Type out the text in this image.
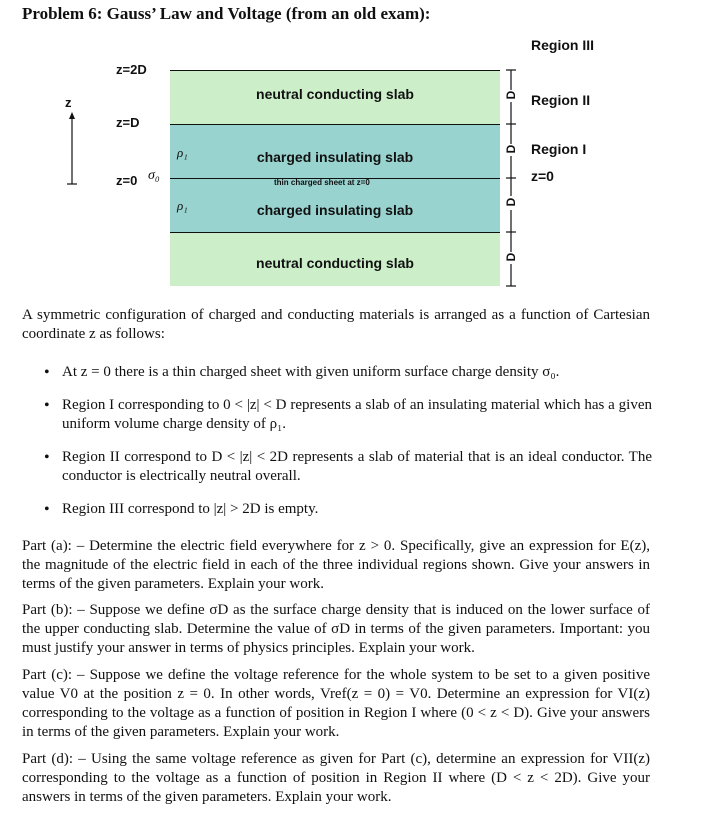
Problem 6: Gauss’ Law and Voltage (from an old exam):
z
z=2D
z=D
z=0 σ₀
neutral conducting slab
charged insulating slab
charged insulating slab
neutral conducting slab
thin charged sheet at z=0
ρ₁
ρ₁
D
D
D
D
Region III
Region II
Region I
z=0
A symmetric configuration of charged and conducting materials is arranged as a function of Cartesian coordinate z as follows:
• At z = 0 there is a thin charged sheet with given uniform surface charge density σ₀.
• Region I corresponding to 0 < |z| < D represents a slab of an insulating material which has a given uniform volume charge density of ρ₁.
• Region II correspond to D < |z| < 2D represents a slab of material that is an ideal conductor. The conductor is electrically neutral overall.
• Region III correspond to |z| > 2D is empty.
Part (a): – Determine the electric field everywhere for z > 0. Specifically, give an expression for E(z), the magnitude of the electric field in each of the three individual regions shown. Give your answers in terms of the given parameters. Explain your work.
Part (b): – Suppose we define σD as the surface charge density that is induced on the lower surface of the upper conducting slab. Determine the value of σD in terms of the given parameters. Important: you must justify your answer in terms of physics principles. Explain your work.
Part (c): – Suppose we define the voltage reference for the whole system to be set to a given positive value V0 at the position z = 0. In other words, Vref(z = 0) = V0. Determine an expression for VI(z) corresponding to the voltage as a function of position in Region I where (0 < z < D). Give your answers in terms of the given parameters. Explain your work.
Part (d): – Using the same voltage reference as given for Part (c), determine an expression for VII(z) corresponding to the voltage as a function of position in Region II where (D < z < 2D). Give your answers in terms of the given parameters. Explain your work.
